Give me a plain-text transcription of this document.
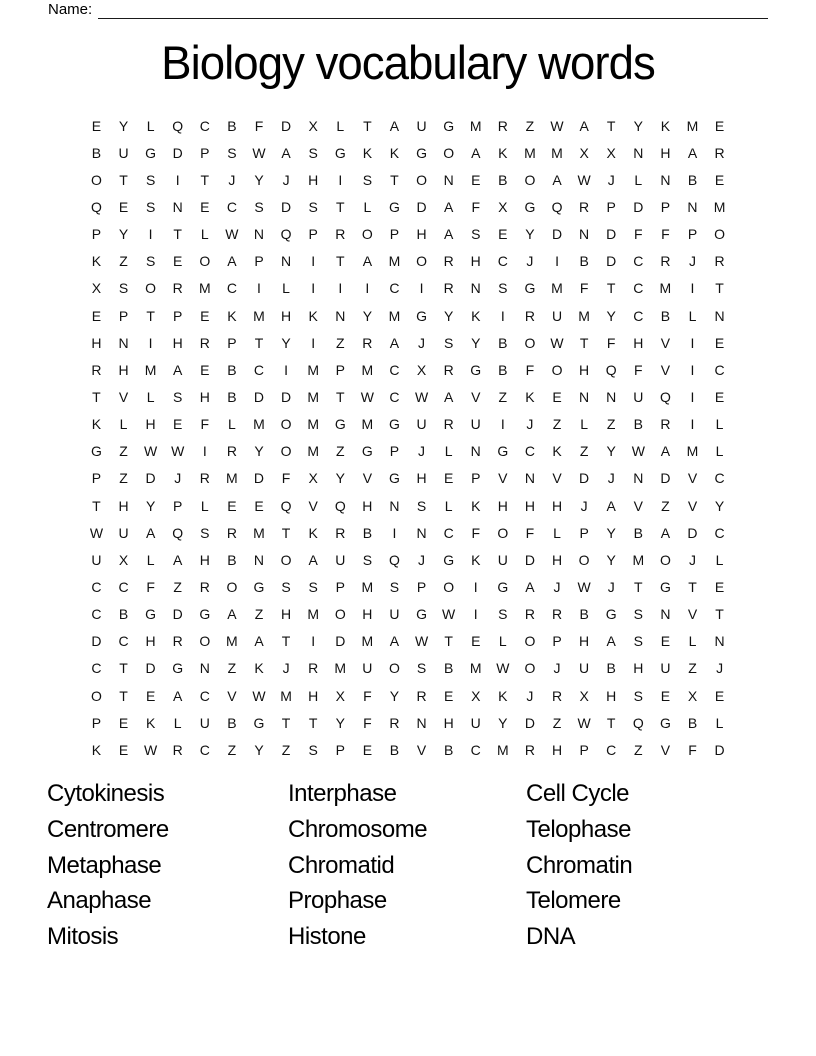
Name:
Biology vocabulary words
E	Y	L	Q	C	B	F	D	X	L	T	A	U	G	M	R	Z	W	A	T	Y	K	M	E
B	U	G	D	P	S	W	A	S	G	K	K	G	O	A	K	M	M	X	X	N	H	A	R
O	T	S	I	T	J	Y	J	H	I	S	T	O	N	E	B	O	A	W	J	L	N	B	E
Q	E	S	N	E	C	S	D	S	T	L	G	D	A	F	X	G	Q	R	P	D	P	N	M
P	Y	I	T	L	W	N	Q	P	R	O	P	H	A	S	E	Y	D	N	D	F	F	P	O
K	Z	S	E	O	A	P	N	I	T	A	M	O	R	H	C	J	I	B	D	C	R	J	R
X	S	O	R	M	C	I	L	I	I	I	C	I	R	N	S	G	M	F	T	C	M	I	T
E	P	T	P	E	K	M	H	K	N	Y	M	G	Y	K	I	R	U	M	Y	C	B	L	N
H	N	I	H	R	P	T	Y	I	Z	R	A	J	S	Y	B	O	W	T	F	H	V	I	E
R	H	M	A	E	B	C	I	M	P	M	C	X	R	G	B	F	O	H	Q	F	V	I	C
T	V	L	S	H	B	D	D	M	T	W	C	W	A	V	Z	K	E	N	N	U	Q	I	E
K	L	H	E	F	L	M	O	M	G	M	G	U	R	U	I	J	Z	L	Z	B	R	I	L
G	Z	W W	I	R	Y	O	M	Z	G	P	J	L	N	G	C	K	Z	Y	W	A	M	L
P	Z	D	J	R	M	D	F	X	Y	V	G	H	E	P	V	N	V	D	J	N	D	V	C
T	H	Y	P	L	E	E	Q	V	Q	H	N	S	L	K	H	H	H	J	A	V	Z	V	Y
W	U	A	Q	S	R	M	T	K	R	B	I	N	C	F	O	F	L	P	Y	B	A	D	C
U	X	L	A	H	B	N	O	A	U	S	Q	J	G	K	U	D	H	O	Y	M	O	J	L
C	C	F	Z	R	O	G	S	S	P	M	S	P	O	I	G	A	J	W	J	T	G	T	E
C	B	G	D	G	A	Z	H	M	O	H	U	G	W	I	S	R	R	B	G	S	N	V	T
D	C	H	R	O	M	A	T	I	D	M	A	W	T	E	L	O	P	H	A	S	E	L	N
C	T	D	G	N	Z	K	J	R	M	U	O	S	B	M	W	O	J	U	B	H	U	Z	J
O	T	E	A	C	V	W	M	H	X	F	Y	R	E	X	K	J	R	X	H	S	E	X	E
P	E	K	L	U	B	G	T	T	Y	F	R	N	H	U	Y	D	Z	W	T	Q	G	B	L
K	E	W	R	C	Z	Y	Z	S	P	E	B	V	B	C	M	R	H	P	C	Z	V	F	D
Cytokinesis
Centromere
Metaphase
Anaphase
Mitosis
Interphase
Chromosome
Chromatid
Prophase
Histone
Cell Cycle
Telophase
Chromatin
Telomere
DNA
